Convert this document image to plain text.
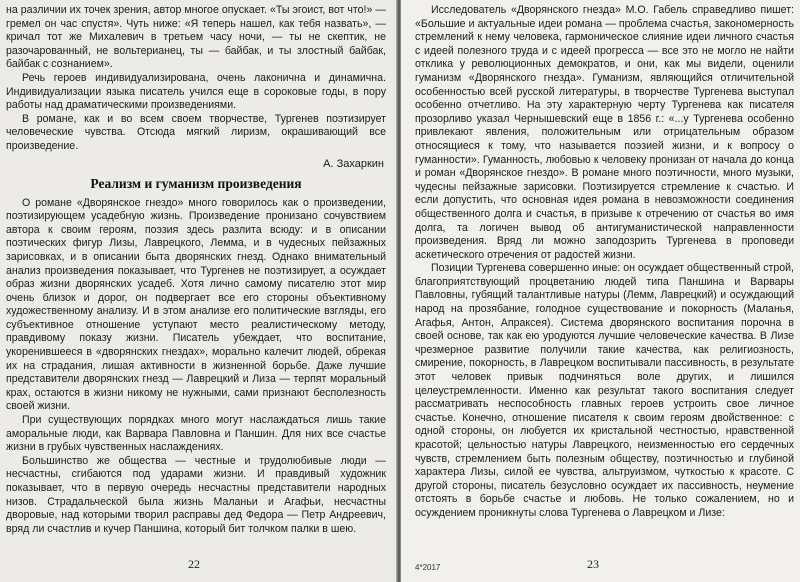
на различии их точек зрения, автор многое опускает. «Ты эгоист, вот что!» — гремел он час спустя». Чуть ниже: «Я теперь нашел, как тебя назвать», — кричал тот же Михалевич в третьем часу ночи, — ты не скептик, не разочарованный, не вольтерианец, ты — байбак, и ты злостный байбак, байбак с сознанием».

Речь героев индивидуализирована, очень лаконична и динамична. Индивидуализации языка писатель учился еще в сороковые годы, в пору работы над драматическими произведениями.

В романе, как и во всем своем творчестве, Тургенев поэтизирует человеческие чувства. Отсюда мягкий лиризм, окрашивающий все произведение.

А. Захаркин
Реализм и гуманизм произведения

О романе «Дворянское гнездо» много говорилось как о произведении, поэтизирующем усадебную жизнь. Произведение пронизано сочувствием автора к своим героям, поэзия здесь разлита всюду: и в описании поэтических фигур Лизы, Лаврецкого, Лемма, и в чудесных пейзажных зарисовках, и в описании быта дворянских гнезд. Однако внимательный анализ произведения показывает, что Тургенев не поэтизирует, а осуждает образ жизни дворянских усадеб. Хотя лично самому писателю этот мир очень близок и дорог, он подвергает все его стороны объективному художественному анализу. И в этом анализе его политические взгляды, его субъективное отношение уступают место реалистическому методу, правдивому показу жизни. Писатель убеждает, что воспитание, укоренившееся в «дворянских гнездах», морально калечит людей, обрекая их на страдания, лишая активности в жизненной борьбе. Даже лучшие представители дворянских гнезд — Лаврецкий и Лиза — терпят моральный крах, остаются в жизни никому не нужными, сами признают бесполезность своей жизни.

При существующих порядках много могут наслаждаться лишь такие аморальные люди, как Варвара Павловна и Паншин. Для них все счастье жизни в грубых чувственных наслаждениях.

Большинство же общества — честные и трудолюбивые люди — несчастны, сгибаются под ударами жизни. И правдивый художник показывает, что в первую очередь несчастны представители народных низов. Страдальческой была жизнь Маланьи и Агафьи, несчастны дворовые, над которыми творил расправы дед Федора — Петр Андреевич, вряд ли счастлив и кучер Паншина, который бит толчком палки в шею.

22

Исследователь «Дворянского гнезда» М.О. Габель справедливо пишет: «Большие и актуальные идеи романа — проблема счастья, закономерность стремлений к нему человека, гармоническое слияние идеи личного счастья с идеей полезного труда и с идеей прогресса — все это не могло не найти отклика у революционных демократов, и они, как мы видели, оценили гуманизм «Дворянского гнезда». Гуманизм, являющийся отличительной особенностью всей русской литературы, в творчестве Тургенева выступал особенно отчетливо. На эту характерную черту Тургенева как писателя прозорливо указал Чернышевский еще в 1856 г.: «...у Тургенева особенно привлекают явления, положительным или отрицательным образом относящиеся к тому, что называется поэзией жизни, и к вопросу о гуманности». Гуманность, любовью к человеку пронизан от начала до конца и роман «Дворянское гнездо». В романе много поэтичности, много музыки, чудесны пейзажные зарисовки. Поэтизируется стремление к счастью. И если допустить, что основная идея романа в невозможности соединения общественного долга и счастья, в призыве к отречению от счастья во имя долга, та логичен вывод об антигуманистической направленности произведения. Вряд ли можно заподозрить Тургенева в проповеди аскетического отречения от радостей жизни.

Позиции Тургенева совершенно иные: он осуждает общественный строй, благоприятствующий процветанию людей типа Паншина и Варвары Павловны, губящий талантливые натуры (Лемм, Лаврецкий) и осуждающий народ на прозябание, голодное существование и покорность (Маланья, Агафья, Антон, Апраксея). Система дворянского воспитания порочна в своей основе, так как ею уродуются лучшие человеческие качества. В Лизе чрезмерное развитие получили такие качества, как религиозность, смирение, покорность, в Лаврецком воспитывали пассивность, в результате этот человек привык подчиняться воле других, и лишился целеустремленности. Именно как результат такого воспитания следует рассматривать неспособность главных героев устроить свое личное счастье. Конечно, отношение писателя к своим героям двойственное: с одной стороны, он любуется их кристальной честностью, нравственной красотой; цельностью натуры Лаврецкого, неизменностью его сердечных чувств, стремлением быть полезным обществу, поэтичностью и глубиной характера Лизы, силой ее чувства, альтруизмом, чуткостью к красоте. С другой стороны, писатель безусловно осуждает их пассивность, неумение отстоять в борьбе счастье и любовь. Не только сожалением, но и осуждением проникнуты слова Тургенева о Лаврецком и Лизе:

4*2017	23
